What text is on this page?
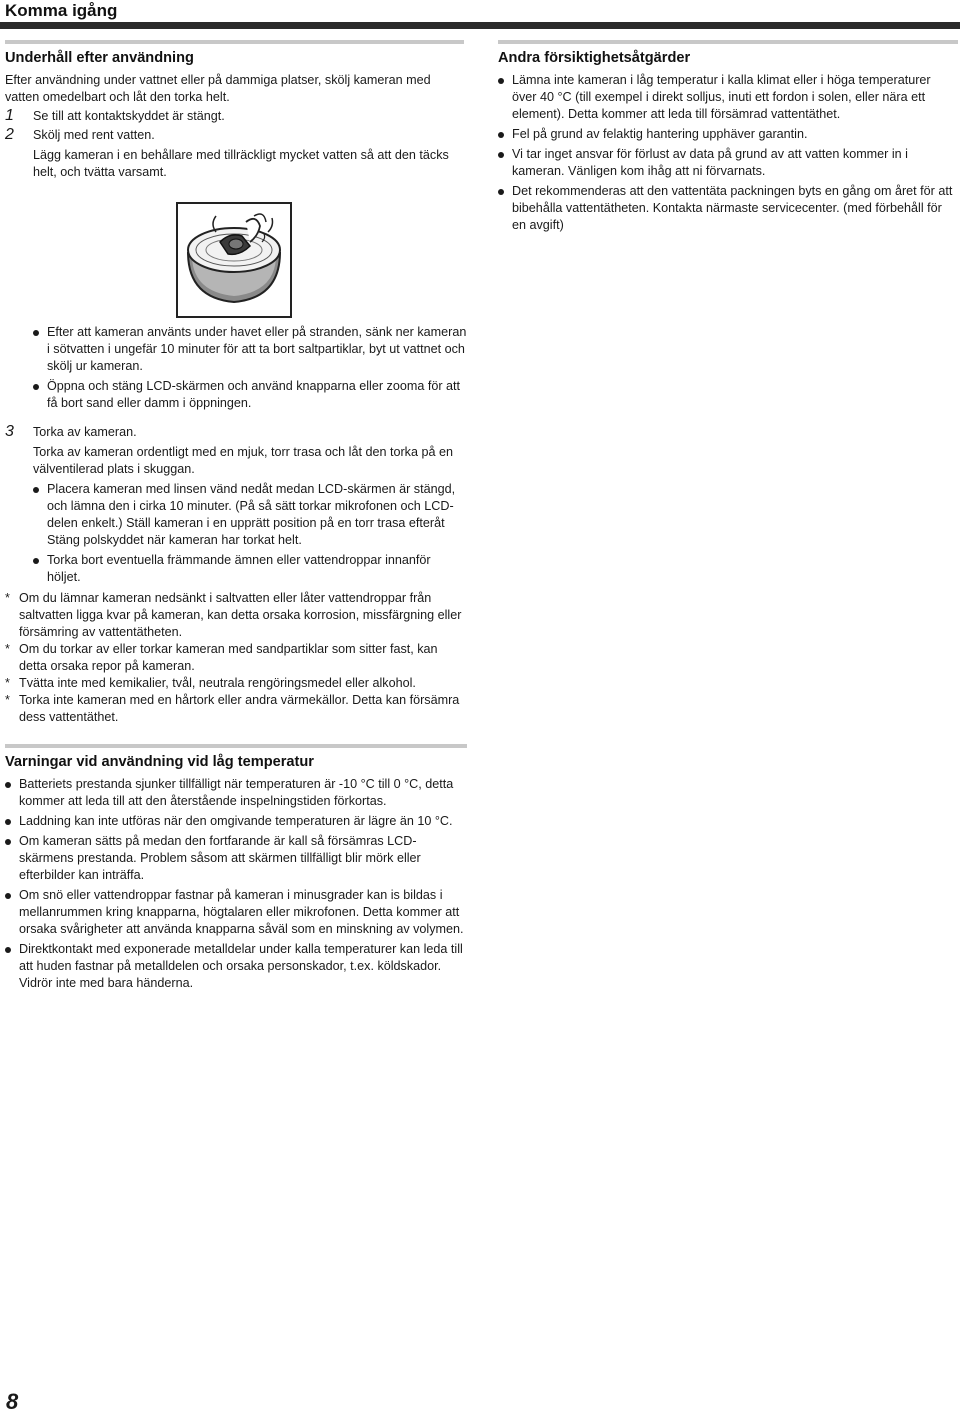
Komma igång
Underhåll efter användning

Efter användning under vattnet eller på dammiga platser, skölj kameran med vatten omedelbart och låt den torka helt.

1 Se till att kontaktskyddet är stängt.
2 Skölj med rent vatten.

Lägg kameran i en behållare med tillräckligt mycket vatten så att den täcks helt, och tvätta varsamt.

Efter att kameran använts under havet eller på stranden, sänk ner kameran i sötvatten i ungefär 10 minuter för att ta bort saltpartiklar, byt ut vattnet och skölj ur kameran.
Öppna och stäng LCD-skärmen och använd knapparna eller zooma för att få bort sand eller damm i öppningen.
3 Torka av kameran.

Torka av kameran ordentligt med en mjuk, torr trasa och låt den torka på en välventilerad plats i skuggan.

Placera kameran med linsen vänd nedåt medan LCD-skärmen är stängd, och lämna den i cirka 10 minuter. (På så sätt torkar mikrofonen och LCD-delen enkelt.) Ställ kameran i en upprätt position på en torr trasa efteråt Stäng polskyddet när kameran har torkat helt.
Torka bort eventuella främmande ämnen eller vattendroppar innanför höljet.
* Om du lämnar kameran nedsänkt i saltvatten eller låter vattendroppar från saltvatten ligga kvar på kameran, kan detta orsaka korrosion, missfärgning eller försämring av vattentätheten.
* Om du torkar av eller torkar kameran med sandpartiklar som sitter fast, kan detta orsaka repor på kameran.
* Tvätta inte med kemikalier, tvål, neutrala rengöringsmedel eller alkohol.
* Torka inte kameran med en hårtork eller andra värmekällor. Detta kan försämra dess vattentäthet.
Andra försiktighetsåtgärder
Lämna inte kameran i låg temperatur i kalla klimat eller i höga temperaturer över 40 °C (till exempel i direkt solljus, inuti ett fordon i solen, eller nära ett element). Detta kommer att leda till försämrad vattentäthet.
Fel på grund av felaktig hantering upphäver garantin.
Vi tar inget ansvar för förlust av data på grund av att vatten kommer in i kameran. Vänligen kom ihåg att ni förvarnats.
Det rekommenderas att den vattentäta packningen byts en gång om året för att bibehålla vattentätheten. Kontakta närmaste servicecenter. (med förbehåll för en avgift)
Varningar vid användning vid låg temperatur
Batteriets prestanda sjunker tillfälligt när temperaturen är -10 °C till 0 °C, detta kommer att leda till att den återstående inspelningstiden förkortas.
Laddning kan inte utföras när den omgivande temperaturen är lägre än 10 °C.
Om kameran sätts på medan den fortfarande är kall så försämras LCD-skärmens prestanda. Problem såsom att skärmen tillfälligt blir mörk eller efterbilder kan inträffa.
Om snö eller vattendroppar fastnar på kameran i minusgrader kan is bildas i mellanrummen kring knapparna, högtalaren eller mikrofonen. Detta kommer att orsaka svårigheter att använda knapparna såväl som en minskning av volymen.
Direktkontakt med exponerade metalldelar under kalla temperaturer kan leda till att huden fastnar på metalldelen och orsaka personskador, t.ex. köldskador. Vidrör inte med bara händerna.
8
